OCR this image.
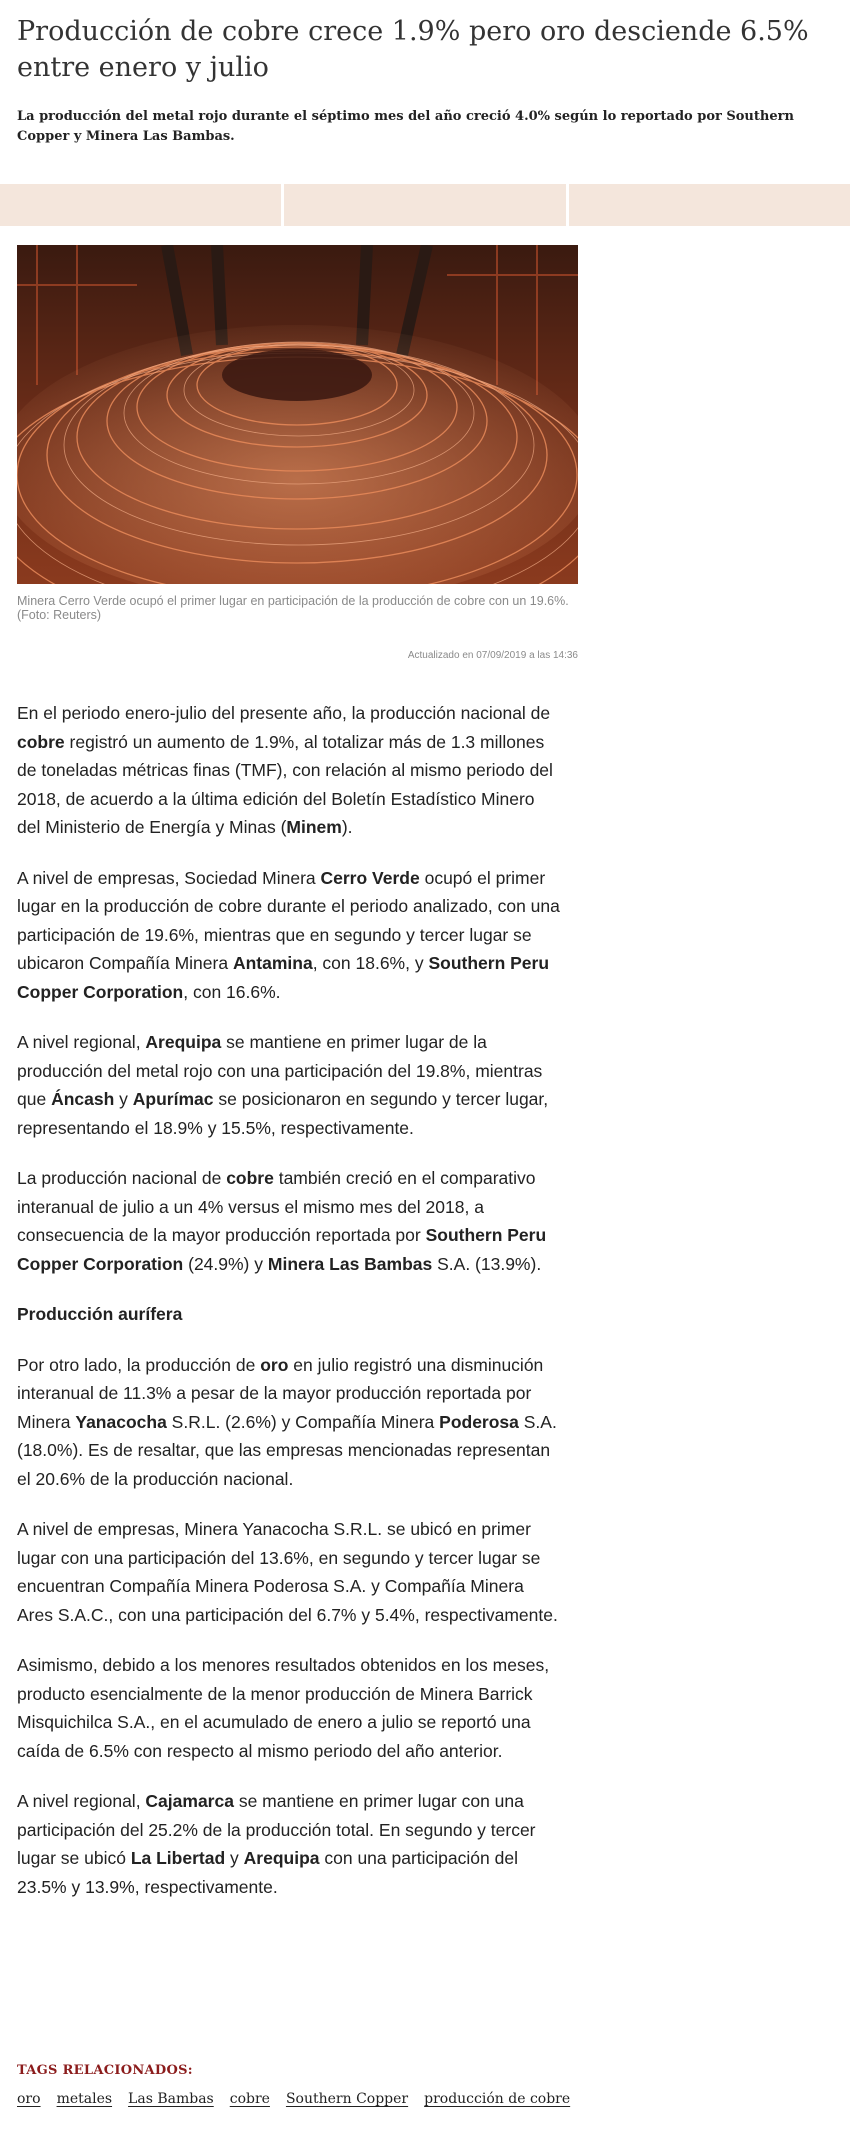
Producción de cobre crece 1.9% pero oro desciende 6.5% entre enero y julio

La producción del metal rojo durante el séptimo mes del año creció 4.0% según lo reportado por Southern Copper y Minera Las Bambas.

Minera Cerro Verde ocupó el primer lugar en participación de la producción de cobre con un 19.6%. (Foto: Reuters)

Actualizado en 07/09/2019 a las 14:36

En el periodo enero-julio del presente año, la producción nacional de cobre registró un aumento de 1.9%, al totalizar más de 1.3 millones de toneladas métricas finas (TMF), con relación al mismo periodo del 2018, de acuerdo a la última edición del Boletín Estadístico Minero del Ministerio de Energía y Minas (Minem).

A nivel de empresas, Sociedad Minera Cerro Verde ocupó el primer lugar en la producción de cobre durante el periodo analizado, con una participación de 19.6%, mientras que en segundo y tercer lugar se ubicaron Compañía Minera Antamina, con 18.6%, y Southern Peru Copper Corporation, con 16.6%.

A nivel regional, Arequipa se mantiene en primer lugar de la producción del metal rojo con una participación del 19.8%, mientras que Áncash y Apurímac se posicionaron en segundo y tercer lugar, representando el 18.9% y 15.5%, respectivamente.

La producción nacional de cobre también creció en el comparativo interanual de julio a un 4% versus el mismo mes del 2018, a consecuencia de la mayor producción reportada por Southern Peru Copper Corporation (24.9%) y Minera Las Bambas S.A. (13.9%).

Producción aurífera

Por otro lado, la producción de oro en julio registró una disminución interanual de 11.3% a pesar de la mayor producción reportada por Minera Yanacocha S.R.L. (2.6%) y Compañía Minera Poderosa S.A. (18.0%). Es de resaltar, que las empresas mencionadas representan el 20.6% de la producción nacional.

A nivel de empresas, Minera Yanacocha S.R.L. se ubicó en primer lugar con una participación del 13.6%, en segundo y tercer lugar se encuentran Compañía Minera Poderosa S.A. y Compañía Minera Ares S.A.C., con una participación del 6.7% y 5.4%, respectivamente.

Asimismo, debido a los menores resultados obtenidos en los meses, producto esencialmente de la menor producción de Minera Barrick Misquichilca S.A., en el acumulado de enero a julio se reportó una caída de 6.5% con respecto al mismo periodo del año anterior.

A nivel regional, Cajamarca se mantiene en primer lugar con una participación del 25.2% de la producción total. En segundo y tercer lugar se ubicó La Libertad y Arequipa con una participación del 23.5% y 13.9%, respectivamente.

TAGS RELACIONADOS:
oro metales Las Bambas cobre Southern Copper producción de cobre
